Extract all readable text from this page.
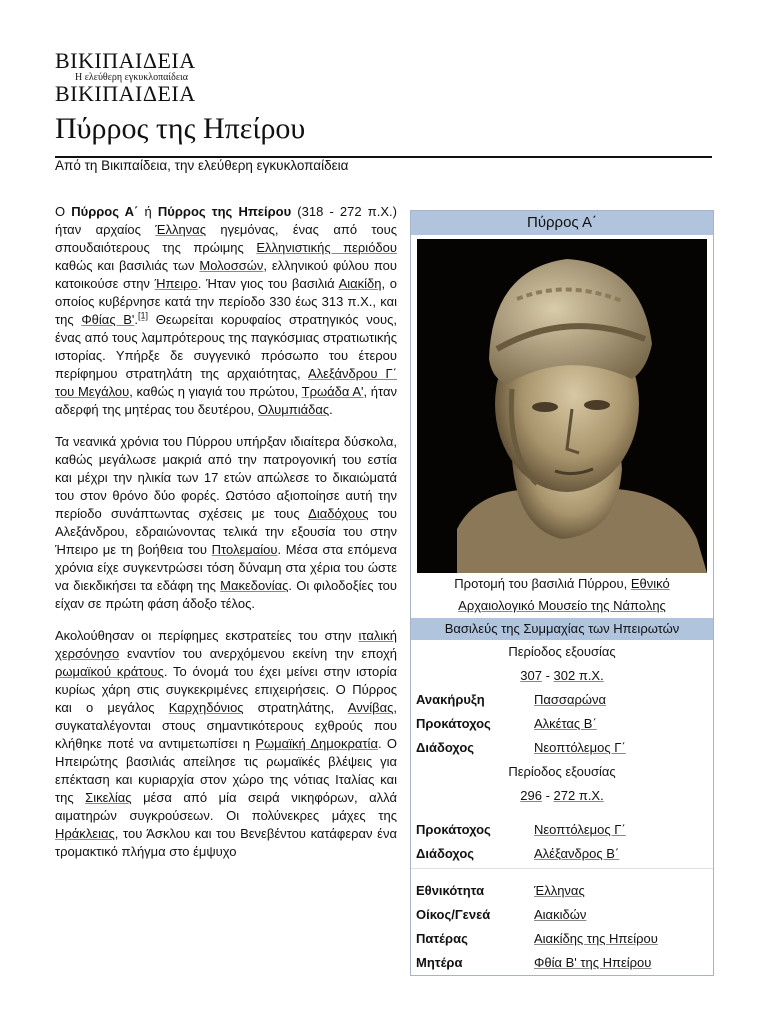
ΒΙΚΙΠΑΙΔΕΙΑ
Η ελεύθερη εγκυκλοπαίδεια
ΒΙΚΙΠΑΙΔΕΙΑ
Πύρρος της Ηπείρου
Από τη Βικιπαίδεια, την ελεύθερη εγκυκλοπαίδεια

Ο Πύρρος Α΄ ή Πύρρος της Ηπείρου (318 - 272 π.Χ.) ήταν αρχαίος Έλληνας ηγεμόνας, ένας από τους σπουδαιότερους της πρώιμης Ελληνιστικής περιόδου καθώς και βασιλιάς των Μολοσσών, ελληνικού φύλου που κατοικούσε στην Ήπειρο. Ήταν γιος του βασιλιά Αιακίδη, ο οποίος κυβέρνησε κατά την περίοδο 330 έως 313 π.Χ., και της Φθίας Β'.[1] Θεωρείται κορυφαίος στρατηγικός νους, ένας από τους λαμπρότερους της παγκόσμιας στρατιωτικής ιστορίας. Υπήρξε δε συγγενικό πρόσωπο του έτερου περίφημου στρατηλάτη της αρχαιότητας, Αλεξάνδρου Γ΄ του Μεγάλου, καθώς η γιαγιά του πρώτου, Τρωάδα Α', ήταν αδερφή της μητέρας του δευτέρου, Ολυμπιάδας.

Τα νεανικά χρόνια του Πύρρου υπήρξαν ιδιαίτερα δύσκολα, καθώς μεγάλωσε μακριά από την πατρογονική του εστία και μέχρι την ηλικία των 17 ετών απώλεσε το δικαιώματά του στον θρόνο δύο φορές. Ωστόσο αξιοποίησε αυτή την περίοδο συνάπτωντας σχέσεις με τους Διαδόχους του Αλεξάνδρου, εδραιώνοντας τελικά την εξουσία του στην Ήπειρο με τη βοήθεια του Πτολεμαίου. Μέσα στα επόμενα χρόνια είχε συγκεντρώσει τόση δύναμη στα χέρια του ώστε να διεκδικήσει τα εδάφη της Μακεδονίας. Οι φιλοδοξίες του είχαν σε πρώτη φάση άδοξο τέλος.

Ακολούθησαν οι περίφημες εκστρατείες του στην ιταλική χερσόνησο εναντίον του ανερχόμενου εκείνη την εποχή ρωμαϊκού κράτους. Το όνομά του έχει μείνει στην ιστορία κυρίως χάρη στις συγκεκριμένες επιχειρήσεις. Ο Πύρρος και ο μεγάλος Καρχηδόνιος στρατηλάτης, Αννίβας, συγκαταλέγονται στους σημαντικότερους εχθρούς που κλήθηκε ποτέ να αντιμετωπίσει η Ρωμαϊκή Δημοκρατία. Ο Ηπειρώτης βασιλιάς απείλησε τις ρωμαϊκές βλέψεις για επέκταση και κυριαρχία στον χώρο της νότιας Ιταλίας και της Σικελίας μέσα από μία σειρά νικηφόρων, αλλά αιματηρών συγκρούσεων. Οι πολύνεκρες μάχες της Ηράκλειας, του Άσκλου και του Βενεβέντου κατάφεραν ένα τρομακτικό πλήγμα στο έμψυχο

Πύρρος Α΄
Προτομή του βασιλιά Πύρρου, Εθνικό Αρχαιολογικό Μουσείο της Νάπολης
Βασιλεύς της Συμμαχίας των Ηπειρωτών
Περίοδος εξουσίας
307 - 302 π.Χ.
Ανακήρυξη	Πασσαρώνα
Προκάτοχος	Αλκέτας Β΄
Διάδοχος	Νεοπτόλεμος Γ΄
Περίοδος εξουσίας
296 - 272 π.Χ.
Προκάτοχος	Νεοπτόλεμος Γ΄
Διάδοχος	Αλέξανδρος Β΄
Εθνικότητα	Έλληνας
Οίκος/Γενεά	Αιακιδών
Πατέρας	Αιακίδης της Ηπείρου
Μητέρα	Φθία Β' της Ηπείρου
